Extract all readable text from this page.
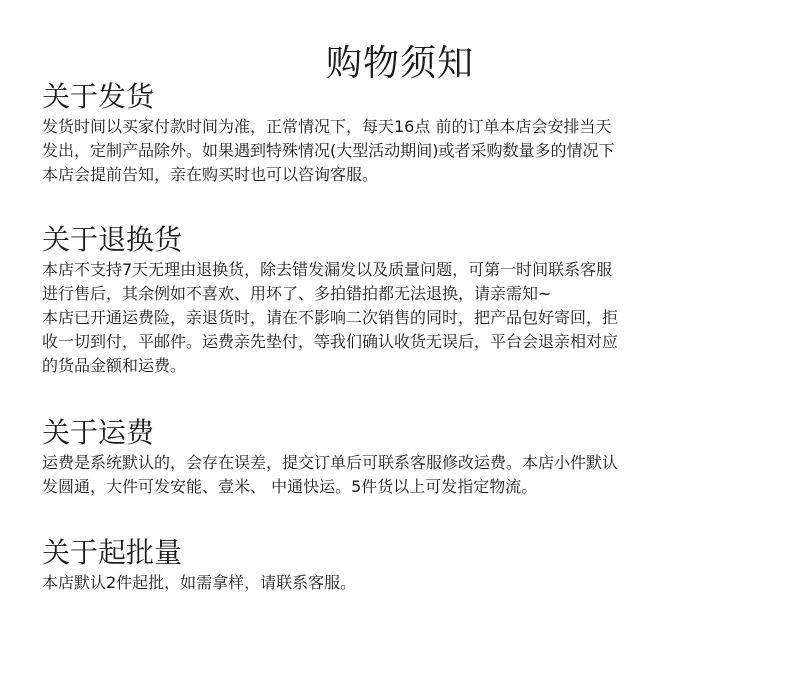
购物须知
关于发货

发货时间以买家付款时间为准，正常情况下，每天16点 前的订单本店会安排当天
发出，定制产品除外。如果遇到特殊情况(大型活动期间)或者采购数量多的情况下
本店会提前告知，亲在购买时也可以咨询客服。

关于退换货

本店不支持7天无理由退换货，除去错发漏发以及质量问题，可第一时间联系客服
进行售后，其余例如不喜欢、用坏了、多拍错拍都无法退换，请亲需知~
本店已开通运费险，亲退货时，请在不影响二次销售的同时，把产品包好寄回，拒
收一切到付，平邮件。运费亲先垫付，等我们确认收货无误后，平台会退亲相对应
的货品金额和运费。

关于运费

运费是系统默认的，会存在误差，提交订单后可联系客服修改运费。本店小件默认
发圆通，大件可发安能、壹米、 中通快运。5件货以上可发指定物流。

关于起批量

本店默认2件起批，如需拿样，请联系客服。
